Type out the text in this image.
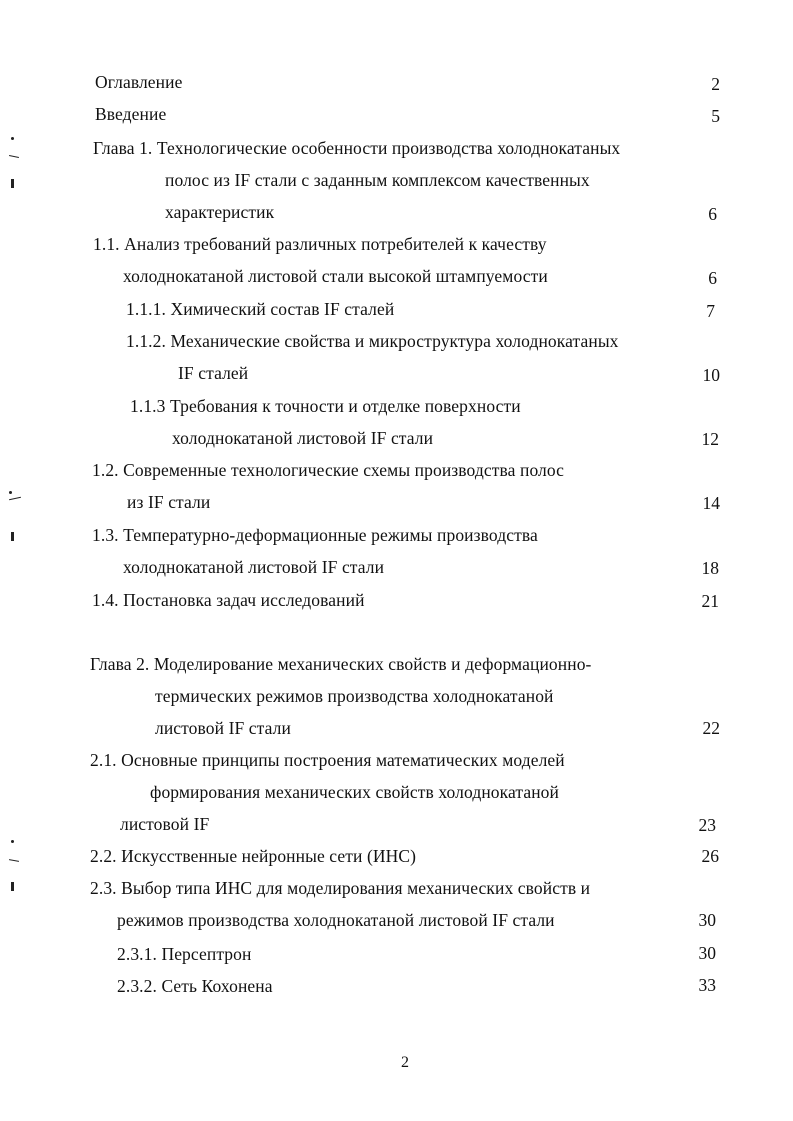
Оглавление	2
Введение	5
Глава 1. Технологические особенности производства холоднокатаных
полос из IF стали с заданным комплексом качественных
характеристик	6
1.1. Анализ требований различных потребителей к качеству
холоднокатаной листовой стали высокой штампуемости	6
1.1.1. Химический состав IF сталей	7
1.1.2. Механические свойства и микроструктура холоднокатаных
IF сталей	10
1.1.3 Требования к точности и отделке поверхности
холоднокатаной листовой IF стали	12
1.2. Современные технологические схемы производства полос
из IF стали	14
1.3. Температурно-деформационные режимы производства
холоднокатаной листовой IF стали	18
1.4. Постановка задач исследований	21
Глава 2. Моделирование механических свойств и деформационно-
термических режимов производства холоднокатаной
листовой IF стали	22
2.1. Основные принципы построения математических моделей
формирования механических свойств холоднокатаной
листовой IF	23
2.2. Искусственные нейронные сети (ИНС)	26
2.3. Выбор типа ИНС для моделирования механических свойств и
режимов производства холоднокатаной листовой IF стали	30
2.3.1. Персептрон	30
2.3.2. Сеть Кохонена	33
2
